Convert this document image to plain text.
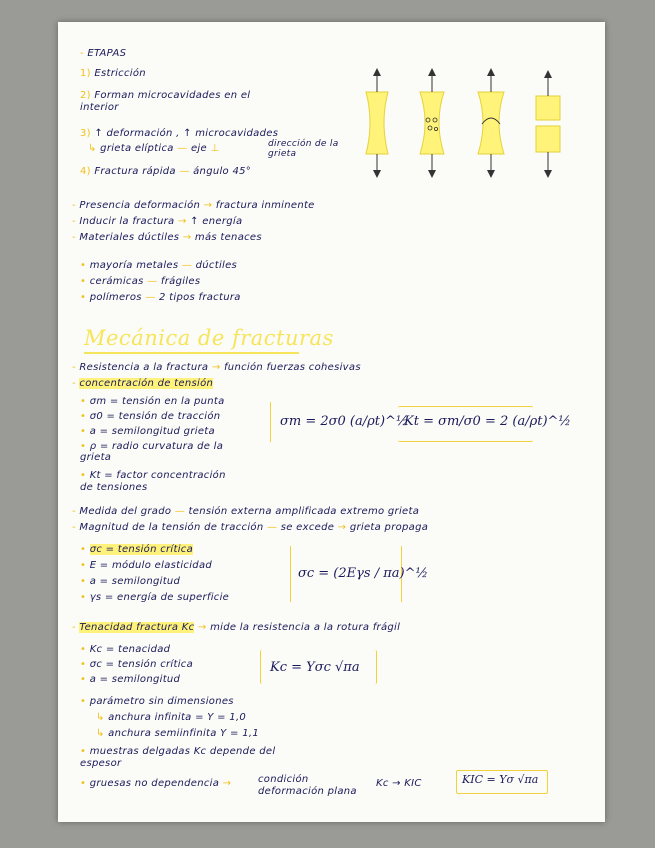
- ETAPAS
1) Estricción
2) Forman microcavidades en el interior
3) ↑ deformación , ↑ microcavidades
↳ grieta elíptica — eje ⊥	dirección de la grieta
4) Fractura rápida — ángulo 45°
- Presencia deformación → fractura inminente
- Inducir la fractura → ↑ energía
- Materiales dúctiles → más tenaces
• mayoría metales — dúctiles
• cerámicas — frágiles
• polímeros — 2 tipos fractura
Mecánica de fracturas
- Resistencia a la fractura → función fuerzas cohesivas
- concentración de tensión
• σm = tensión en la punta
• σ0 = tensión de tracción
• a = semilongitud grieta
• ρ = radio curvatura de la grieta
• Kt = factor concentración de tensiones
σm = 2σ0 (a/ρt)^½
Kt = σm/σ0 = 2 (a/ρt)^½
- Medida del grado — tensión externa amplificada extremo grieta
- Magnitud de la tensión de tracción — se excede → grieta propaga
• σc = tensión crítica
• E = módulo elasticidad
• a = semilongitud
• γs = energía de superficie
σc = (2Eγs / πa)^½
- Tenacidad fractura Kc → mide la resistencia a la rotura frágil
• Kc = tenacidad
• σc = tensión crítica
• a = semilongitud
Kc = Yσc √πa
• parámetro sin dimensiones
↳ anchura infinita = Y = 1,0
↳ anchura semiinfinita Y = 1,1
• muestras delgadas Kc depende del espesor
• gruesas no dependencia →	condición deformación plana
Kc → KIC	KIC = Yσ √πa
